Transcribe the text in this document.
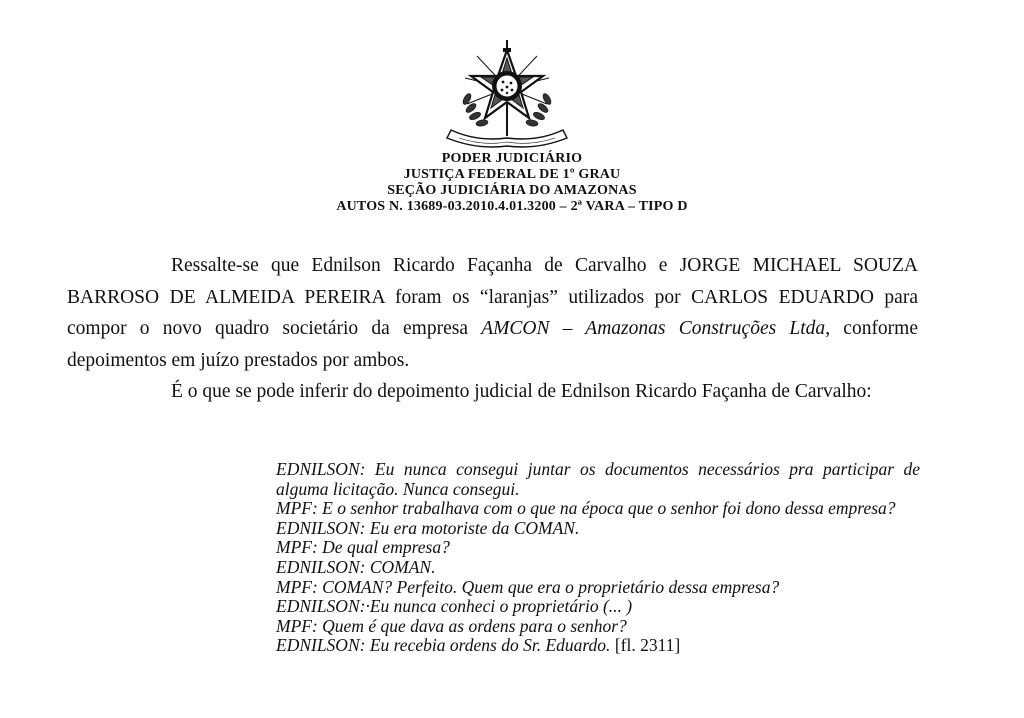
PODER JUDICIÁRIO
JUSTIÇA FEDERAL DE 1º GRAU
SEÇÃO JUDICIÁRIA DO AMAZONAS
AUTOS N. 13689-03.2010.4.01.3200 – 2ª VARA – TIPO D

Ressalte-se que Ednilson Ricardo Façanha de Carvalho e JORGE MICHAEL SOUZA BARROSO DE ALMEIDA PEREIRA foram os “laranjas” utilizados por CARLOS EDUARDO para compor o novo quadro societário da empresa AMCON – Amazonas Construções Ltda, conforme depoimentos em juízo prestados por ambos.

É o que se pode inferir do depoimento judicial de Ednilson Ricardo Façanha de Carvalho:

EDNILSON: Eu nunca consegui juntar os documentos necessários pra participar de alguma licitação. Nunca consegui.
MPF: E o senhor trabalhava com o que na época que o senhor foi dono dessa empresa?
EDNILSON: Eu era motoriste da COMAN.
MPF: De qual empresa?
EDNILSON: COMAN.
MPF: COMAN? Perfeito. Quem que era o proprietário dessa empresa?
EDNILSON:·Eu nunca conheci o proprietário (... )
MPF: Quem é que dava as ordens para o senhor?
EDNILSON: Eu recebia ordens do Sr. Eduardo. [fl. 2311]
